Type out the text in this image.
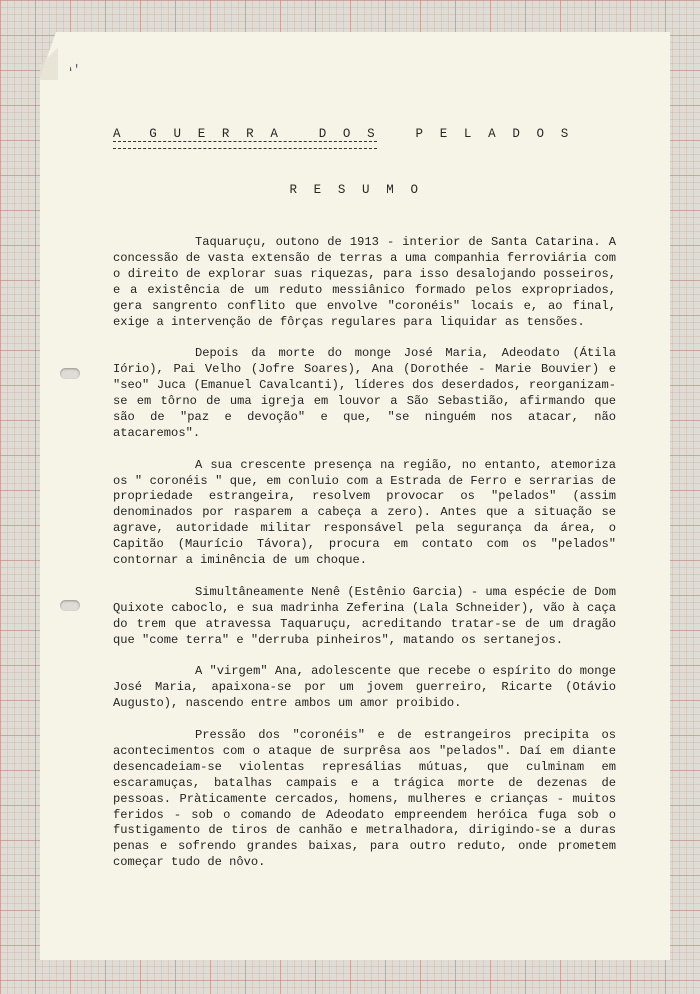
‘’
A  G U E R R A   D O S   P E L A D O S
R E S U M O

Taquaruçu, outono de 1913 - interior de Santa Catarina. A concessão de vasta extensão de terras a uma companhia ferroviária com o direito de explorar suas riquezas, para isso desalojando posseiros, e a existência de um reduto messiânico formado pelos expropriados, gera sangrento conflito que envolve "coronéis" locais e, ao final, exige a intervenção de fôrças regulares para liquidar as tensões.

Depois da morte do monge José Maria, Adeodato (Átila Iório), Pai Velho (Jofre Soares), Ana (Dorothée - Marie Bouvier) e "seo" Juca (Emanuel Cavalcanti), líderes dos deserdados, reorganizam-se em tôrno de uma igreja em louvor a São Sebastião, afirmando que são de "paz e devoção" e que, "se ninguém nos atacar, não atacaremos".

A sua crescente presença na região, no entanto, atemoriza os " coronéis " que, em conluio com a Estrada de Ferro e serrarias de propriedade estrangeira, resolvem provocar os "pelados" (assim denominados por rasparem a cabeça a zero). Antes que a situação se agrave, autoridade militar responsável pela segurança da área, o Capitão (Maurício Távora), procura em contato com os "pelados" contornar a iminência de um choque.

Simultâneamente Nenê (Estênio Garcia) - uma espécie de Dom Quixote caboclo, e sua madrinha Zeferina (Lala Schneider), vão à caça do trem que atravessa Taquaruçu, acreditando tratar-se de um dragão que "come terra" e "derruba pinheiros", matando os sertanejos.

A "virgem" Ana, adolescente que recebe o espírito do monge José Maria, apaixona-se por um jovem guerreiro, Ricarte (Otávio Augusto), nascendo entre ambos um amor proibido.

Pressão dos "coronéis" e de estrangeiros precipita os acontecimentos com o ataque de surprêsa aos "pelados". Daí em diante desencadeiam-se violentas represálias mútuas, que culminam em escaramuças, batalhas campais e a trágica morte de dezenas de pessoas. Pràticamente cercados, homens, mulheres e crianças - muitos feridos - sob o comando de Adeodato empreendem heróica fuga sob o fustigamento de tiros de canhão e metralhadora, dirigindo-se a duras penas e sofrendo grandes baixas, para outro reduto, onde prometem começar tudo de nôvo.
